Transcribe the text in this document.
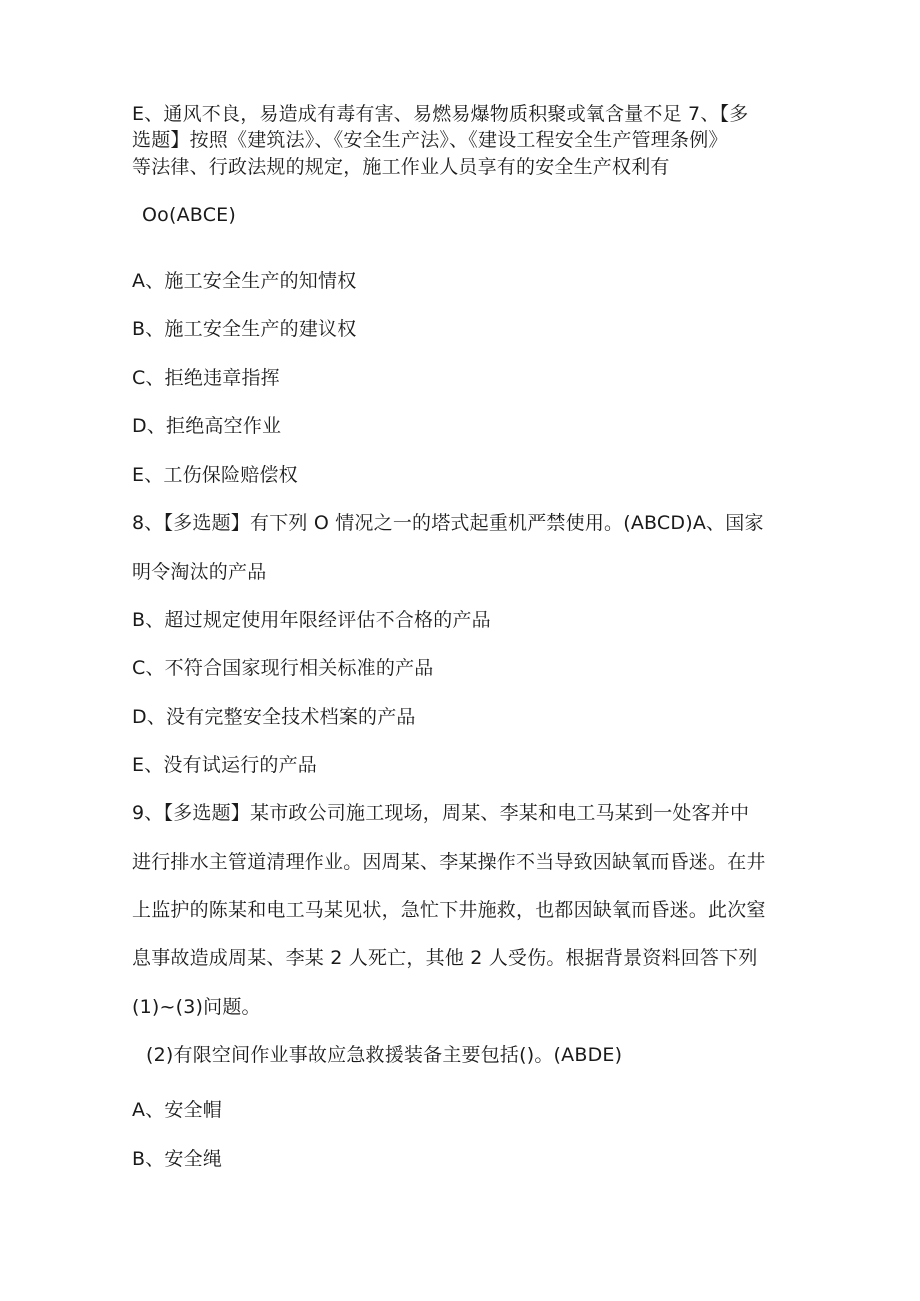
E、通风不良，易造成有毒有害、易燃易爆物质积聚或氧含量不足 7、【多
选题】按照《建筑法》、《安全生产法》、《建设工程安全生产管理条例》
等法律、行政法规的规定，施工作业人员享有的安全生产权利有
Oo(ABCE)
A、施工安全生产的知情权
B、施工安全生产的建议权
C、拒绝违章指挥
D、拒绝高空作业
E、工伤保险赔偿权
8、【多选题】有下列 O 情况之一的塔式起重机严禁使用。(ABCD)A、国家
明令淘汰的产品
B、超过规定使用年限经评估不合格的产品
C、不符合国家现行相关标准的产品
D、没有完整安全技术档案的产品
E、没有试运行的产品
9、【多选题】某市政公司施工现场，周某、李某和电工马某到一处客并中
进行排水主管道清理作业。因周某、李某操作不当导致因缺氧而昏迷。在井
上监护的陈某和电工马某见状，急忙下井施救，也都因缺氧而昏迷。此次窒
息事故造成周某、李某 2 人死亡，其他 2 人受伤。根据背景资料回答下列
(1)~(3)问题。
(2)有限空间作业事故应急救援装备主要包括()。(ABDE)
A、安全帽
B、安全绳
